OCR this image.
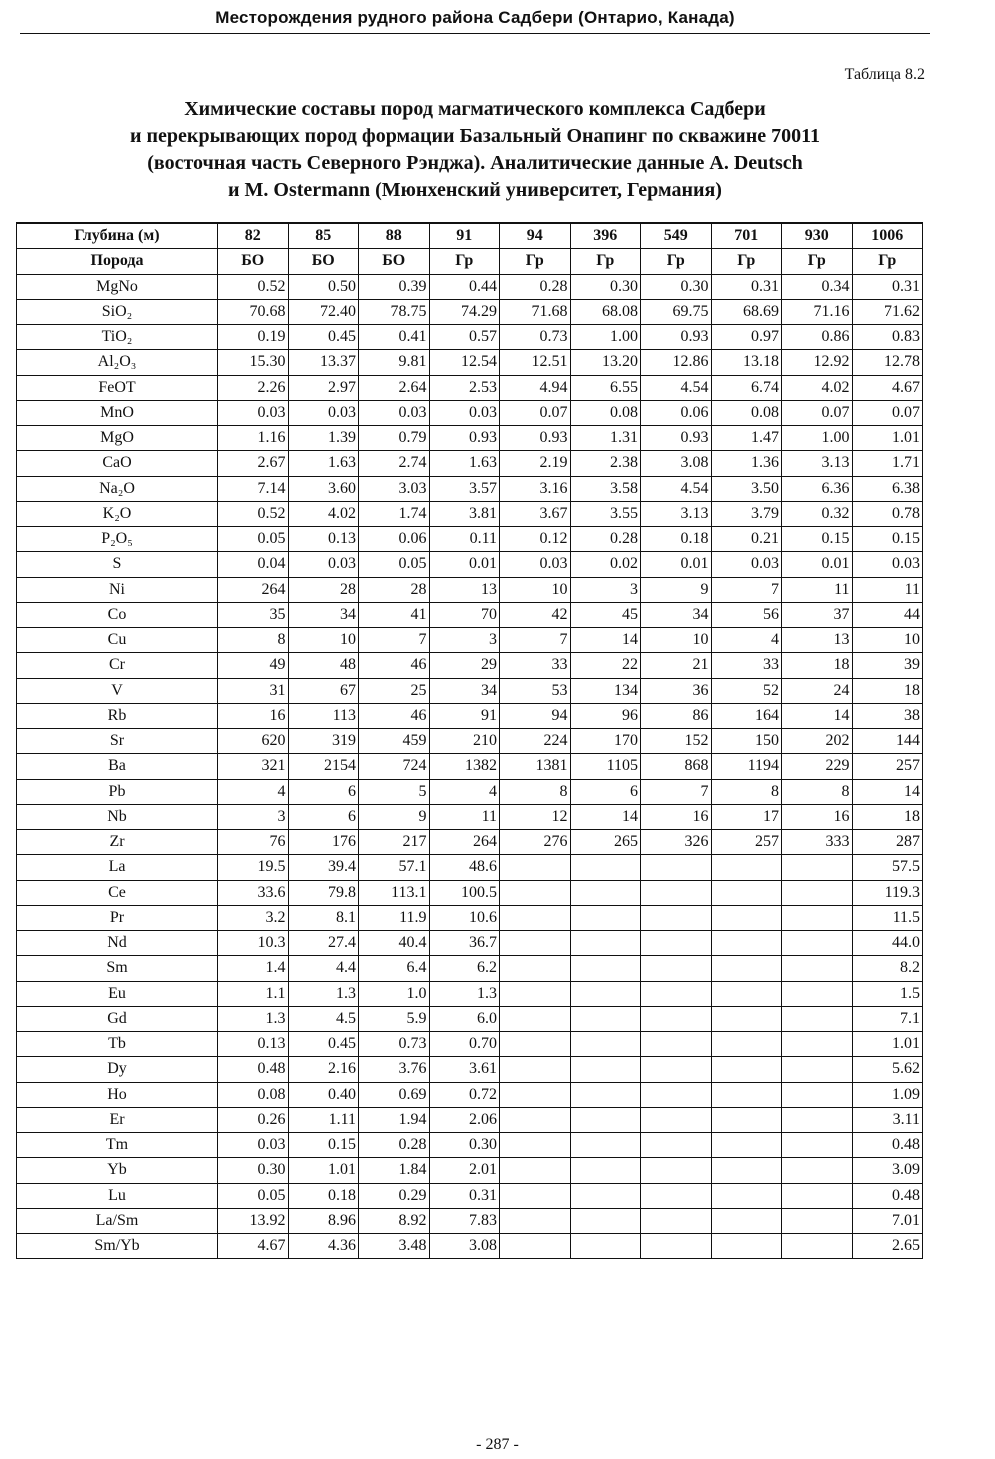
Месторождения рудного района Садбери (Онтарио, Канада)
Таблица 8.2
Химические составы пород магматического комплекса Садбери
и перекрывающих пород формации Базальный Онапинг по скважине 70011
(восточная часть Северного Рэнджа). Аналитические данные A. Deutsch
и M. Ostermann (Мюнхенский университет, Германия)
Глубина (м)	82	85	88	91	94	396	549	701	930	1006
Порода	БО	БО	БО	Гр	Гр	Гр	Гр	Гр	Гр	Гр
MgNo	0.52	0.50	0.39	0.44	0.28	0.30	0.30	0.31	0.34	0.31
SiO₂	70.68	72.40	78.75	74.29	71.68	68.08	69.75	68.69	71.16	71.62
TiO₂	0.19	0.45	0.41	0.57	0.73	1.00	0.93	0.97	0.86	0.83
Al₂O₃	15.30	13.37	9.81	12.54	12.51	13.20	12.86	13.18	12.92	12.78
FeOT	2.26	2.97	2.64	2.53	4.94	6.55	4.54	6.74	4.02	4.67
MnO	0.03	0.03	0.03	0.03	0.07	0.08	0.06	0.08	0.07	0.07
MgO	1.16	1.39	0.79	0.93	0.93	1.31	0.93	1.47	1.00	1.01
CaO	2.67	1.63	2.74	1.63	2.19	2.38	3.08	1.36	3.13	1.71
Na₂O	7.14	3.60	3.03	3.57	3.16	3.58	4.54	3.50	6.36	6.38
K₂O	0.52	4.02	1.74	3.81	3.67	3.55	3.13	3.79	0.32	0.78
P₂O₅	0.05	0.13	0.06	0.11	0.12	0.28	0.18	0.21	0.15	0.15
S	0.04	0.03	0.05	0.01	0.03	0.02	0.01	0.03	0.01	0.03
Ni	264	28	28	13	10	3	9	7	11	11
Co	35	34	41	70	42	45	34	56	37	44
Cu	8	10	7	3	7	14	10	4	13	10
Cr	49	48	46	29	33	22	21	33	18	39
V	31	67	25	34	53	134	36	52	24	18
Rb	16	113	46	91	94	96	86	164	14	38
Sr	620	319	459	210	224	170	152	150	202	144
Ba	321	2154	724	1382	1381	1105	868	1194	229	257
Pb	4	6	5	4	8	6	7	8	8	14
Nb	3	6	9	11	12	14	16	17	16	18
Zr	76	176	217	264	276	265	326	257	333	287
La	19.5	39.4	57.1	48.6						57.5
Ce	33.6	79.8	113.1	100.5						119.3
Pr	3.2	8.1	11.9	10.6						11.5
Nd	10.3	27.4	40.4	36.7						44.0
Sm	1.4	4.4	6.4	6.2						8.2
Eu	1.1	1.3	1.0	1.3						1.5
Gd	1.3	4.5	5.9	6.0						7.1
Tb	0.13	0.45	0.73	0.70						1.01
Dy	0.48	2.16	3.76	3.61						5.62
Ho	0.08	0.40	0.69	0.72						1.09
Er	0.26	1.11	1.94	2.06						3.11
Tm	0.03	0.15	0.28	0.30						0.48
Yb	0.30	1.01	1.84	2.01						3.09
Lu	0.05	0.18	0.29	0.31						0.48
La/Sm	13.92	8.96	8.92	7.83						7.01
Sm/Yb	4.67	4.36	3.48	3.08						2.65
- 287 -
